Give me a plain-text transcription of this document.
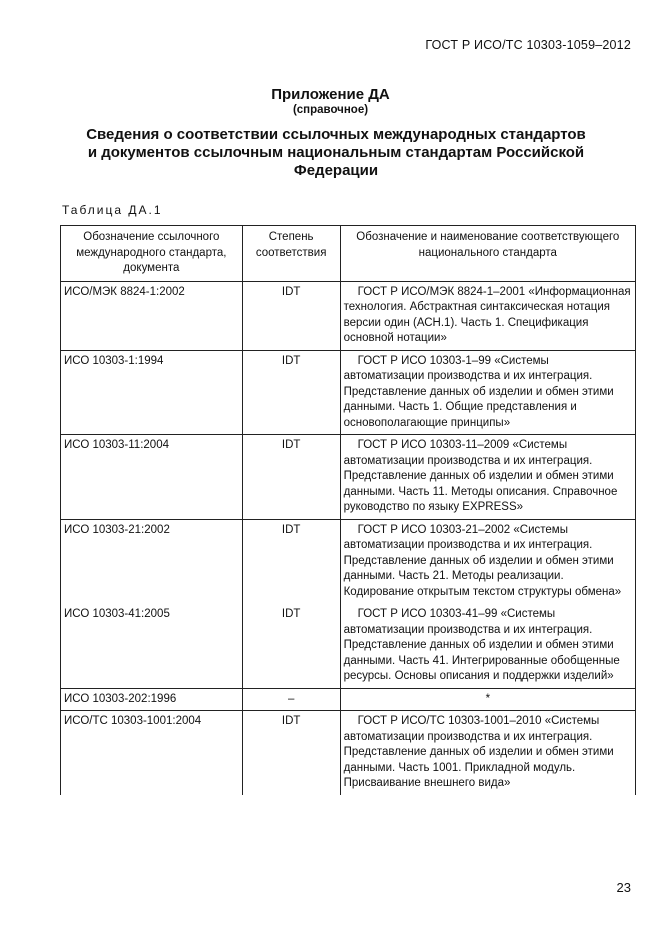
ГОСТ Р ИСО/ТС 10303-1059–2012
Приложение ДА
(справочное)
Сведения о соответствии ссылочных международных стандартов и документов ссылочным национальным стандартам Российской Федерации
Таблица ДА.1
Обозначение ссылочного международного стандарта, документа	Степень соответствия	Обозначение и наименование соответствующего национального стандарта
ИСО/МЭК 8824-1:2002	IDT	ГОСТ Р ИСО/МЭК 8824-1–2001 «Информационная технология. Абстрактная синтаксическая нотация версии один (АСН.1). Часть 1. Спецификация основной нотации»
ИСО 10303-1:1994	IDT	ГОСТ Р ИСО 10303-1–99 «Системы автоматизации производства и их интеграция. Представление данных об изделии и обмен этими данными. Часть 1. Общие представления и основополагающие принципы»
ИСО 10303-11:2004	IDT	ГОСТ Р ИСО 10303-11–2009 «Системы автоматизации производства и их интеграция. Представление данных об изделии и обмен этими данными. Часть 11. Методы описания. Справочное руководство по языку EXPRESS»
ИСО 10303-21:2002	IDT	ГОСТ Р ИСО 10303-21–2002 «Системы автоматизации производства и их интеграция. Представление данных об изделии и обмен этими данными. Часть 21. Методы реализации. Кодирование открытым текстом структуры обмена»
ИСО 10303-41:2005	IDT	ГОСТ Р ИСО 10303-41–99 «Системы автоматизации производства и их интеграция. Представление данных об изделии и обмен этими данными. Часть 41. Интегрированные обобщенные ресурсы. Основы описания и поддержки изделий»
ИСО 10303-202:1996	–	*
ИСО/ТС 10303-1001:2004	IDT	ГОСТ Р ИСО/ТС 10303-1001–2010 «Системы автоматизации производства и их интеграция. Представление данных об изделии и обмен этими данными. Часть 1001. Прикладной модуль. Присваивание внешнего вида»
23
